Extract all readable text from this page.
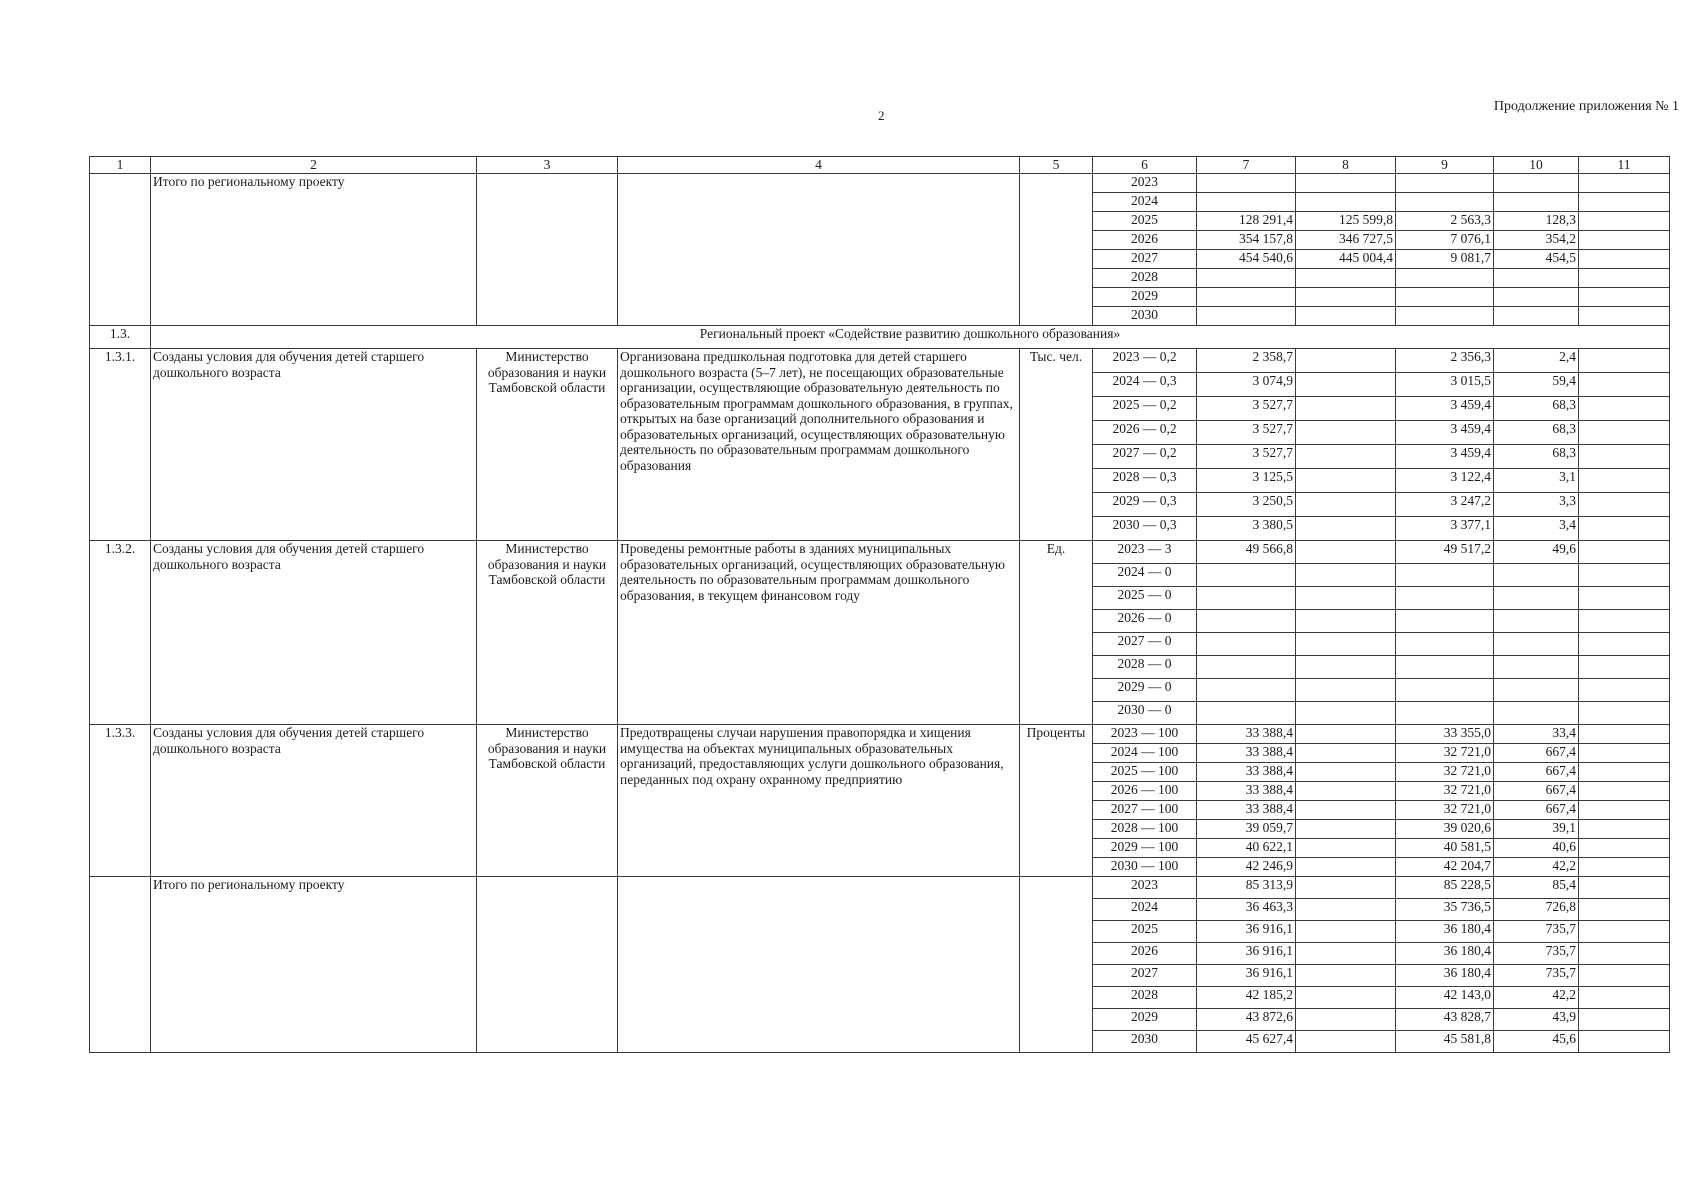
2
Продолжение приложения № 1
1	2	3	4	5	6	7	8	9	10	11
	Итого по региональному проекту				2023					
					2024					
					2025	128 291,4	125 599,8	2 563,3	128,3	
					2026	354 157,8	346 727,5	7 076,1	354,2	
					2027	454 540,6	445 004,4	9 081,7	454,5	
					2028					
					2029					
					2030					
1.3.	Региональный проект «Содействие развитию дошкольного образования»									
1.3.1.	Созданы условия для обучения детей старшего дошкольного возраста	Министерство образования и науки Тамбовской области	Организована предшкольная подготовка для детей старшего дошкольного возраста (5–7 лет), не посещающих образовательные организации, осуществляющие образовательную деятельность по образовательным программам дошкольного образования, в группах, открытых на базе организаций дополнительного образования и образовательных организаций, осуществляющих образовательную деятельность по образовательным программам дошкольного образования	Тыс. чел.	2023 — 0,2	2 358,7		2 356,3	2,4	
					2024 — 0,3	3 074,9		3 015,5	59,4	
					2025 — 0,2	3 527,7		3 459,4	68,3	
					2026 — 0,2	3 527,7		3 459,4	68,3	
					2027 — 0,2	3 527,7		3 459,4	68,3	
					2028 — 0,3	3 125,5		3 122,4	3,1	
					2029 — 0,3	3 250,5		3 247,2	3,3	
					2030 — 0,3	3 380,5		3 377,1	3,4	
1.3.2.	Созданы условия для обучения детей старшего дошкольного возраста	Министерство образования и науки Тамбовской области	Проведены ремонтные работы в зданиях муниципальных образовательных организаций, осуществляющих образовательную деятельность по образовательным программам дошкольного образования, в текущем финансовом году	Ед.	2023 — 3	49 566,8		49 517,2	49,6	
					2024 — 0					
					2025 — 0					
					2026 — 0					
					2027 — 0					
					2028 — 0					
					2029 — 0					
					2030 — 0					
1.3.3.	Созданы условия для обучения детей старшего дошкольного возраста	Министерство образования и науки Тамбовской области	Предотвращены случаи нарушения правопорядка и хищения имущества на объектах муниципальных образовательных организаций, предоставляющих услуги дошкольного образования, переданных под охрану охранному предприятию	Проценты	2023 — 100	33 388,4		33 355,0	33,4	
					2024 — 100	33 388,4		32 721,0	667,4	
					2025 — 100	33 388,4		32 721,0	667,4	
					2026 — 100	33 388,4		32 721,0	667,4	
					2027 — 100	33 388,4		32 721,0	667,4	
					2028 — 100	39 059,7		39 020,6	39,1	
					2029 — 100	40 622,1		40 581,5	40,6	
					2030 — 100	42 246,9		42 204,7	42,2	
	Итого по региональному проекту				2023	85 313,9		85 228,5	85,4	
					2024	36 463,3		35 736,5	726,8	
					2025	36 916,1		36 180,4	735,7	
					2026	36 916,1		36 180,4	735,7	
					2027	36 916,1		36 180,4	735,7	
					2028	42 185,2		42 143,0	42,2	
					2029	43 872,6		43 828,7	43,9	
					2030	45 627,4		45 581,8	45,6	
